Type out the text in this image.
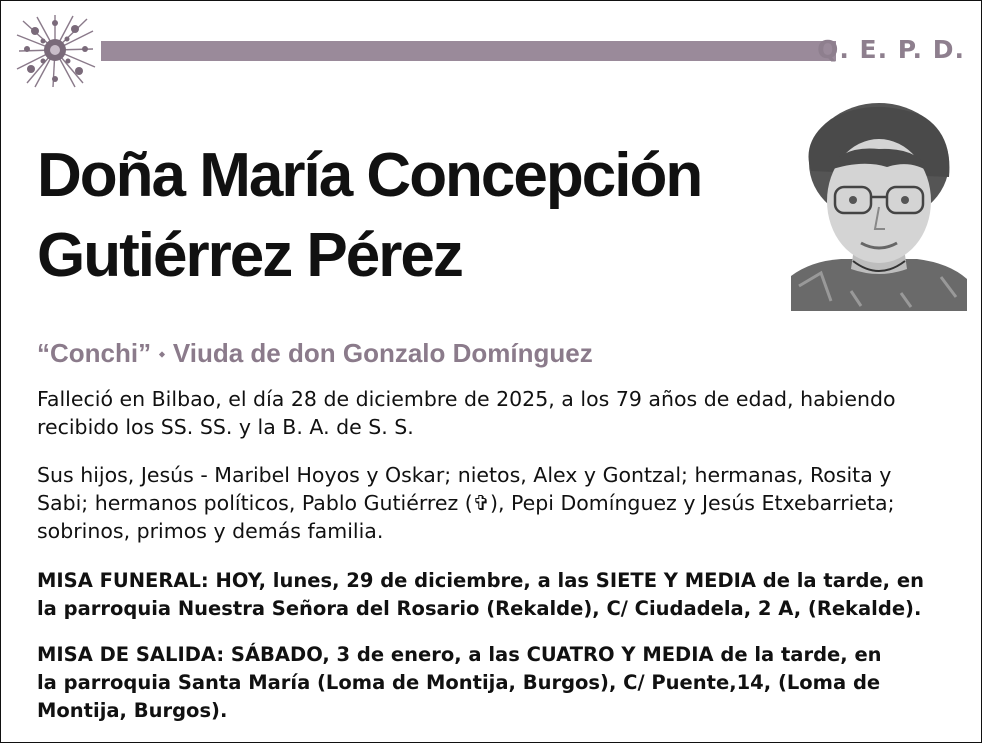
Q. E. P. D.
Doña María Concepción
Gutiérrez Pérez
“Conchi” ⬩ Viuda de don Gonzalo Domínguez

Falleció en Bilbao, el día 28 de diciembre de 2025, a los 79 años de edad, habiendo
recibido los SS. SS. y la B. A. de S. S.

Sus hijos, Jesús - Maribel Hoyos y Oskar; nietos, Alex y Gontzal; hermanas, Rosita y
Sabi; hermanos políticos, Pablo Gutiérrez (✞), Pepi Domínguez y Jesús Etxebarrieta;
sobrinos, primos y demás familia.

MISA FUNERAL: HOY, lunes, 29 de diciembre, a las SIETE Y MEDIA de la tarde, en
la parroquia Nuestra Señora del Rosario (Rekalde), C/ Ciudadela, 2 A, (Rekalde).

MISA DE SALIDA: SÁBADO, 3 de enero, a las CUATRO Y MEDIA de la tarde, en
la parroquia Santa María (Loma de Montija, Burgos), C/ Puente,14, (Loma de
Montija, Burgos).
